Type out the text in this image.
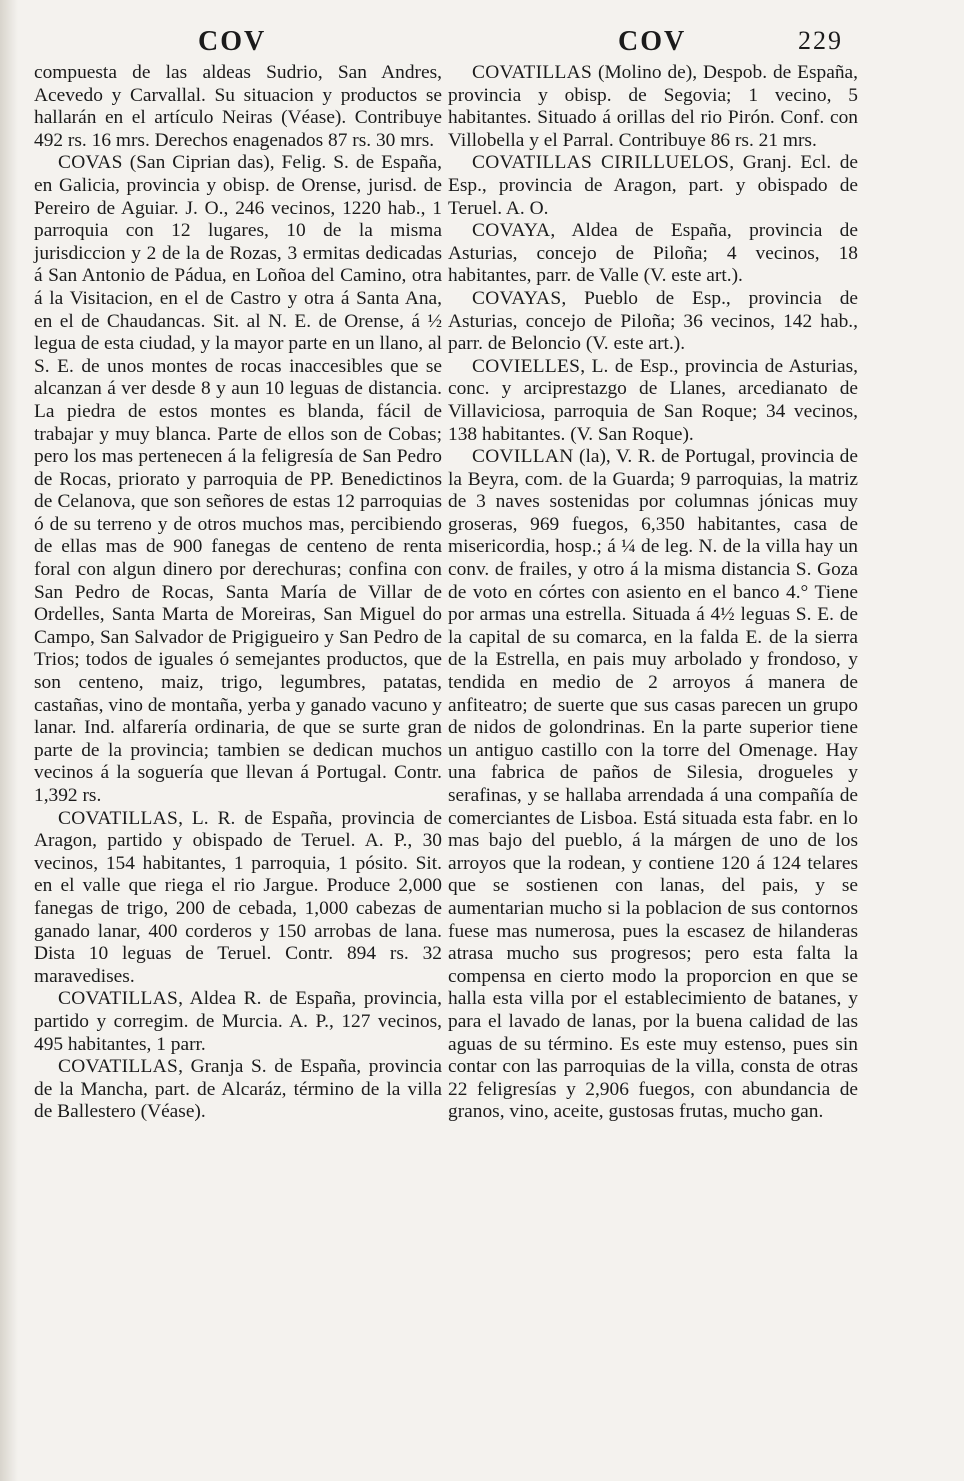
COV	COV	229

compuesta de las aldeas Sudrio, San Andres, Acevedo y Carvallal. Su situacion y productos se hallarán en el artículo Neiras (Véase). Contribuye 492 rs. 16 mrs. Derechos enagenados 87 rs. 30 mrs.

COVAS (San Ciprian das), Felig. S. de España, en Galicia, provincia y obisp. de Orense, jurisd. de Pereiro de Aguiar. J. O., 246 vecinos, 1220 hab., 1 parroquia con 12 lugares, 10 de la misma jurisdiccion y 2 de la de Rozas, 3 ermitas dedicadas á San Antonio de Pádua, en Loñoa del Camino, otra á la Visitacion, en el de Castro y otra á Santa Ana, en el de Chaudancas. Sit. al N. E. de Orense, á ½ legua de esta ciudad, y la mayor parte en un llano, al S. E. de unos montes de rocas inaccesibles que se alcanzan á ver desde 8 y aun 10 leguas de distancia. La piedra de estos montes es blanda, fácil de trabajar y muy blanca. Parte de ellos son de Cobas; pero los mas pertenecen á la feligresía de San Pedro de Rocas, priorato y parroquia de PP. Benedictinos de Celanova, que son señores de estas 12 parroquias ó de su terreno y de otros muchos mas, percibiendo de ellas mas de 900 fanegas de centeno de renta foral con algun dinero por derechuras; confina con San Pedro de Rocas, Santa María de Villar de Ordelles, Santa Marta de Moreiras, San Miguel do Campo, San Salvador de Prigigueiro y San Pedro de Trios; todos de iguales ó semejantes productos, que son centeno, maiz, trigo, legumbres, patatas, castañas, vino de montaña, yerba y ganado vacuno y lanar. Ind. alfarería ordinaria, de que se surte gran parte de la provincia; tambien se dedican muchos vecinos á la soguería que llevan á Portugal. Contr. 1,392 rs.

COVATILLAS, L. R. de España, provincia de Aragon, partido y obispado de Teruel. A. P., 30 vecinos, 154 habitantes, 1 parroquia, 1 pósito. Sit. en el valle que riega el rio Jargue. Produce 2,000 fanegas de trigo, 200 de cebada, 1,000 cabezas de ganado lanar, 400 corderos y 150 arrobas de lana. Dista 10 leguas de Teruel. Contr. 894 rs. 32 maravedises.

COVATILLAS, Aldea R. de España, provincia, partido y corregim. de Murcia. A. P., 127 vecinos, 495 habitantes, 1 parr.

COVATILLAS, Granja S. de España, provincia de la Mancha, part. de Alcaráz, término de la villa de Ballestero (Véase).

COVATILLAS (Molino de), Despob. de España, provincia y obisp. de Segovia; 1 vecino, 5 habitantes. Situado á orillas del rio Pirón. Conf. con Villobella y el Parral. Contribuye 86 rs. 21 mrs.

COVATILLAS CIRILLUELOS, Granj. Ecl. de Esp., provincia de Aragon, part. y obispado de Teruel. A. O.

COVAYA, Aldea de España, provincia de Asturias, concejo de Piloña; 4 vecinos, 18 habitantes, parr. de Valle (V. este art.).

COVAYAS, Pueblo de Esp., provincia de Asturias, concejo de Piloña; 36 vecinos, 142 hab., parr. de Beloncio (V. este art.).

COVIELLES, L. de Esp., provincia de Asturias, conc. y arciprestazgo de Llanes, arcedianato de Villaviciosa, parroquia de San Roque; 34 vecinos, 138 habitantes. (V. San Roque).

COVILLAN (la), V. R. de Portugal, provincia de la Beyra, com. de la Guarda; 9 parroquias, la matriz de 3 naves sostenidas por columnas jónicas muy groseras, 969 fuegos, 6,350 habitantes, casa de misericordia, hosp.; á ¼ de leg. N. de la villa hay un conv. de frailes, y otro á la misma distancia S. Goza de voto en córtes con asiento en el banco 4.° Tiene por armas una estrella. Situada á 4½ leguas S. E. de la capital de su comarca, en la falda E. de la sierra de la Estrella, en pais muy arbolado y frondoso, y tendida en medio de 2 arroyos á manera de anfiteatro; de suerte que sus casas parecen un grupo de nidos de golondrinas. En la parte superior tiene un antiguo castillo con la torre del Omenage. Hay una fabrica de paños de Silesia, drogueles y serafinas, y se hallaba arrendada á una compañía de comerciantes de Lisboa. Está situada esta fabr. en lo mas bajo del pueblo, á la márgen de uno de los arroyos que la rodean, y contiene 120 á 124 telares que se sostienen con lanas, del pais, y se aumentarian mucho si la poblacion de sus contornos fuese mas numerosa, pues la escasez de hilanderas atrasa mucho sus progresos; pero esta falta la compensa en cierto modo la proporcion en que se halla esta villa por el establecimiento de batanes, y para el lavado de lanas, por la buena calidad de las aguas de su término. Es este muy estenso, pues sin contar con las parroquias de la villa, consta de otras 22 feligresías y 2,906 fuegos, con abundancia de granos, vino, aceite, gustosas frutas, mucho gan.
